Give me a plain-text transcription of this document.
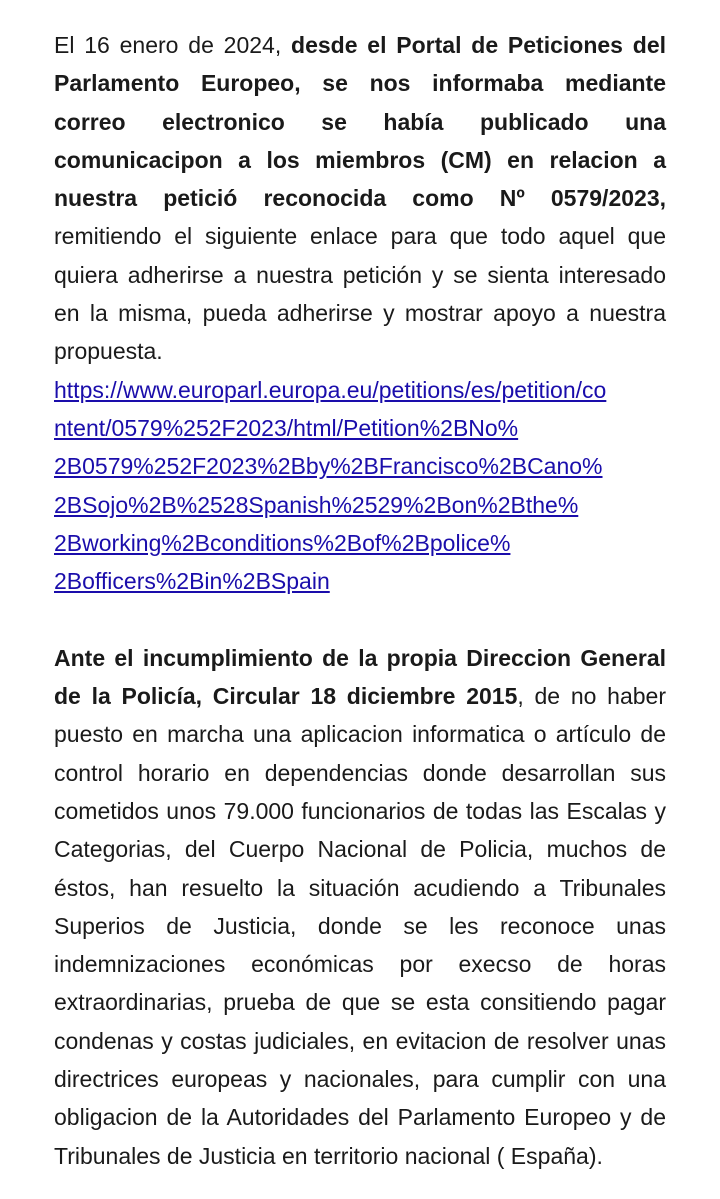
El 16 enero de 2024, desde el Portal de Peticiones del Parlamento Europeo, se nos informaba mediante correo electronico se había publicado una comunicacipon a los miembros (CM) en relacion a nuestra petició reconocida como Nº 0579/2023, remitiendo el siguiente enlace para que todo aquel que quiera adherirse a nuestra petición y se sienta interesado en la misma, pueda adherirse y mostrar apoyo a nuestra propuesta.

https://www.europarl.europa.eu/petitions/es/petition/co
ntent/0579%252F2023/html/Petition%2BNo%
2B0579%252F2023%2Bby%2BFrancisco%2BCano%
2BSojo%2B%2528Spanish%2529%2Bon%2Bthe%
2Bworking%2Bconditions%2Bof%2Bpolice%
2Bofficers%2Bin%2BSpain

Ante el incumplimiento de la propia Direccion General de la Policía, Circular 18 diciembre 2015, de no haber puesto en marcha una aplicacion informatica o artículo de control horario en dependencias donde desarrollan sus cometidos unos 79.000 funcionarios de todas las Escalas y Categorias, del Cuerpo Nacional de Policia, muchos de éstos, han resuelto la situación acudiendo a Tribunales Superios de Justicia, donde se les reconoce unas indemnizaciones económicas por execso de horas extraordinarias, prueba de que se esta consitiendo pagar condenas y costas judiciales, en evitacion de resolver unas directrices europeas y nacionales, para cumplir con una obligacion de la Autoridades del Parlamento Europeo y de Tribunales de Justicia en territorio nacional ( España).
